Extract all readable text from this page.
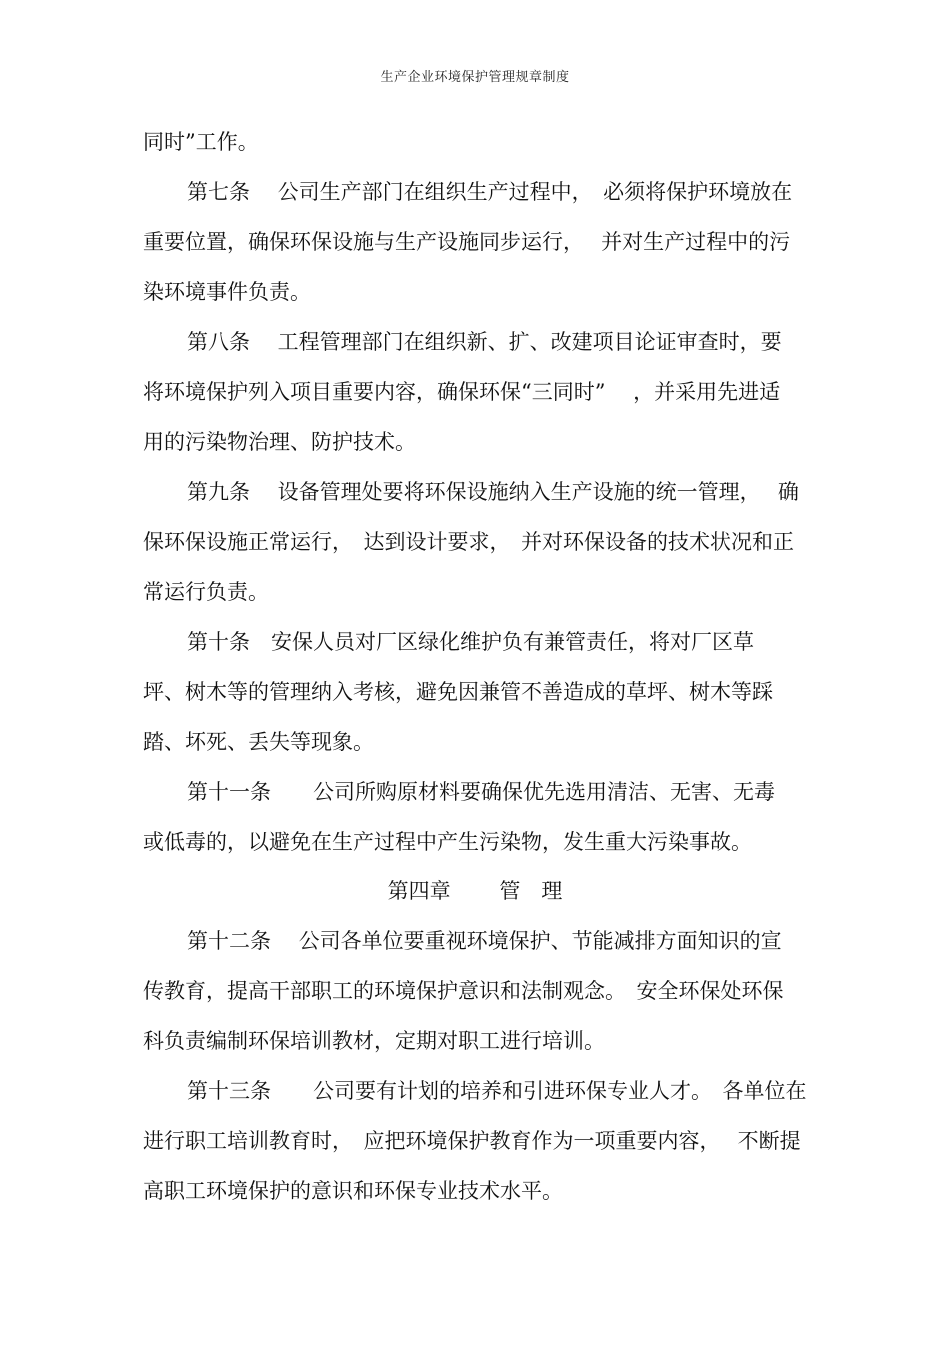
生产企业环境保护管理规章制度
同时”工作。
第七条　 公司生产部门在组织生产过程中，　必须将保护环境放在
重要位置，确保环保设施与生产设施同步运行，　 并对生产过程中的污
染环境事件负责。
第八条　 工程管理部门在组织新、扩、改建项目论证审查时，要
将环境保护列入项目重要内容，确保环保“三同时”　 ，并采用先进适
用的污染物治理、防护技术。
第九条　 设备管理处要将环保设施纳入生产设施的统一管理，　 确
保环保设施正常运行，　达到设计要求，　并对环保设备的技术状况和正
常运行负责。
第十条　安保人员对厂区绿化维护负有兼管责任，将对厂区草
坪、树木等的管理纳入考核，避免因兼管不善造成的草坪、树木等踩
踏、坏死、丢失等现象。
第十一条　　公司所购原材料要确保优先选用清洁、无害、无毒
或低毒的，以避免在生产过程中产生污染物，发生重大污染事故。
第四章　　 管　理
第十二条　 公司各单位要重视环境保护、节能减排方面知识的宣
传教育，提高干部职工的环境保护意识和法制观念。　安全环保处环保
科负责编制环保培训教材，定期对职工进行培训。
第十三条　　公司要有计划的培养和引进环保专业人才。　各单位在
进行职工培训教育时，　应把环境保护教育作为一项重要内容，　 不断提
高职工环境保护的意识和环保专业技术水平。
